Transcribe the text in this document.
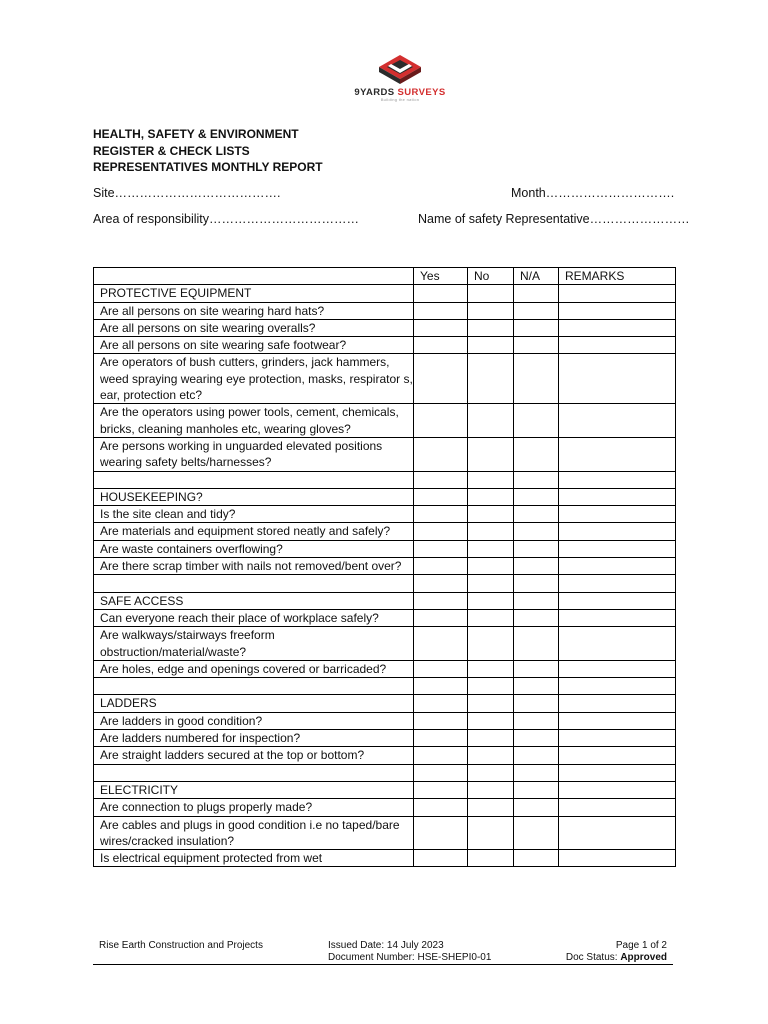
9YARDS SURVEYS
Building the nation
HEALTH, SAFETY & ENVIRONMENT
REGISTER & CHECK LISTS
REPRESENTATIVES MONTHLY REPORT
Site………………………………….	Month………………………….
Area of responsibility………………………………	Name of safety Representative……………………
	Yes	No	N/A	REMARKS
PROTECTIVE EQUIPMENT				
Are all persons on site wearing hard hats?				
Are all persons on site wearing overalls?				
Are all persons on site wearing safe footwear?				
Are operators of bush cutters, grinders, jack hammers, weed spraying wearing eye protection, masks, respirator s, ear, protection etc?				
Are the operators using power tools, cement, chemicals, bricks, cleaning manholes etc, wearing gloves?				
Are persons working in unguarded elevated positions wearing safety belts/harnesses?				

HOUSEKEEPING?				
Is the site clean and tidy?				
Are materials and equipment stored neatly and safely?				
Are waste containers overflowing?				
Are there scrap timber with nails not removed/bent over?				

SAFE ACCESS				
Can everyone reach their place of workplace safely?				
Are walkways/stairways freeform obstruction/material/waste?				
Are holes, edge and openings covered or barricaded?				

LADDERS				
Are ladders in good condition?				
Are ladders numbered for inspection?				
Are straight ladders secured at the top or bottom?				

ELECTRICITY				
Are connection to plugs properly made?				
Are cables and plugs in good condition i.e no taped/bare wires/cracked insulation?				
Is electrical equipment protected from wet				
Rise Earth Construction and Projects	Issued Date: 14 July 2023
Document Number: HSE-SHEPI0-01
Page 1 of 2
Doc Status: Approved
